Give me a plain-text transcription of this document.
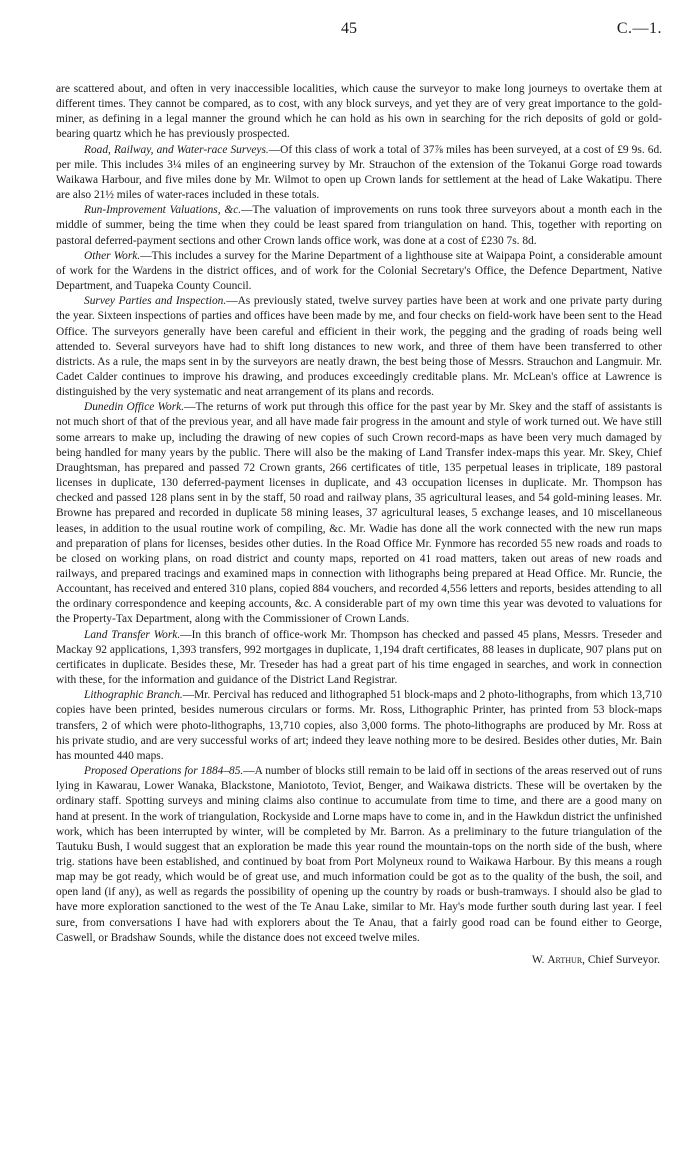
45	C.—1.

are scattered about, and often in very inaccessible localities, which cause the surveyor to make long journeys to overtake them at different times. They cannot be compared, as to cost, with any block surveys, and yet they are of very great importance to the gold-miner, as defining in a legal manner the ground which he can hold as his own in searching for the rich deposits of gold or gold-bearing quartz which he has previously prospected.

Road, Railway, and Water-race Surveys.—Of this class of work a total of 37⅞ miles has been surveyed, at a cost of £9 9s. 6d. per mile. This includes 3¼ miles of an engineering survey by Mr. Strauchon of the extension of the Tokanui Gorge road towards Waikawa Harbour, and five miles done by Mr. Wilmot to open up Crown lands for settlement at the head of Lake Wakatipu. There are also 21½ miles of water-races included in these totals.

Run-Improvement Valuations, &c.—The valuation of improvements on runs took three surveyors about a month each in the middle of summer, being the time when they could be least spared from triangulation on hand. This, together with reporting on pastoral deferred-payment sections and other Crown lands office work, was done at a cost of £230 7s. 8d.

Other Work.—This includes a survey for the Marine Department of a lighthouse site at Waipapa Point, a considerable amount of work for the Wardens in the district offices, and of work for the Colonial Secretary's Office, the Defence Department, Native Department, and Tuapeka County Council.

Survey Parties and Inspection.—As previously stated, twelve survey parties have been at work and one private party during the year. Sixteen inspections of parties and offices have been made by me, and four checks on field-work have been sent to the Head Office. The surveyors generally have been careful and efficient in their work, the pegging and the grading of roads being well attended to. Several surveyors have had to shift long distances to new work, and three of them have been transferred to other districts. As a rule, the maps sent in by the surveyors are neatly drawn, the best being those of Messrs. Strauchon and Langmuir. Mr. Cadet Calder continues to improve his drawing, and produces exceedingly creditable plans. Mr. McLean's office at Lawrence is distinguished by the very systematic and neat arrangement of its plans and records.

Dunedin Office Work.—The returns of work put through this office for the past year by Mr. Skey and the staff of assistants is not much short of that of the previous year, and all have made fair progress in the amount and style of work turned out. We have still some arrears to make up, including the drawing of new copies of such Crown record-maps as have been very much damaged by being handled for many years by the public. There will also be the making of Land Transfer index-maps this year. Mr. Skey, Chief Draughtsman, has prepared and passed 72 Crown grants, 266 certificates of title, 135 perpetual leases in triplicate, 189 pastoral licenses in duplicate, 130 deferred-payment licenses in duplicate, and 43 occupation licenses in duplicate. Mr. Thompson has checked and passed 128 plans sent in by the staff, 50 road and railway plans, 35 agricultural leases, and 54 gold-mining leases. Mr. Browne has prepared and recorded in duplicate 58 mining leases, 37 agricultural leases, 5 exchange leases, and 10 miscellaneous leases, in addition to the usual routine work of compiling, &c. Mr. Wadie has done all the work connected with the new run maps and preparation of plans for licenses, besides other duties. In the Road Office Mr. Fynmore has recorded 55 new roads and roads to be closed on working plans, on road district and county maps, reported on 41 road matters, taken out areas of new roads and railways, and prepared tracings and examined maps in connection with lithographs being prepared at Head Office. Mr. Runcie, the Accountant, has received and entered 310 plans, copied 884 vouchers, and recorded 4,556 letters and reports, besides attending to all the ordinary correspondence and keeping accounts, &c. A considerable part of my own time this year was devoted to valuations for the Property-Tax Department, along with the Commissioner of Crown Lands.

Land Transfer Work.—In this branch of office-work Mr. Thompson has checked and passed 45 plans, Messrs. Treseder and Mackay 92 applications, 1,393 transfers, 992 mortgages in duplicate, 1,194 draft certificates, 88 leases in duplicate, 907 plans put on certificates in duplicate. Besides these, Mr. Treseder has had a great part of his time engaged in searches, and work in connection with these, for the information and guidance of the District Land Registrar.

Lithographic Branch.—Mr. Percival has reduced and lithographed 51 block-maps and 2 photo-lithographs, from which 13,710 copies have been printed, besides numerous circulars or forms. Mr. Ross, Lithographic Printer, has printed from 53 block-maps transfers, 2 of which were photo-lithographs, 13,710 copies, also 3,000 forms. The photo-lithographs are produced by Mr. Ross at his private studio, and are very successful works of art; indeed they leave nothing more to be desired. Besides other duties, Mr. Bain has mounted 440 maps.

Proposed Operations for 1884–85.—A number of blocks still remain to be laid off in sections of the areas reserved out of runs lying in Kawarau, Lower Wanaka, Blackstone, Maniototo, Teviot, Benger, and Waikawa districts. These will be overtaken by the ordinary staff. Spotting surveys and mining claims also continue to accumulate from time to time, and there are a good many on hand at present. In the work of triangulation, Rockyside and Lorne maps have to come in, and in the Hawkdun district the unfinished work, which has been interrupted by winter, will be completed by Mr. Barron. As a preliminary to the future triangulation of the Tautuku Bush, I would suggest that an exploration be made this year round the mountain-tops on the north side of the bush, where trig. stations have been established, and continued by boat from Port Molyneux round to Waikawa Harbour. By this means a rough map may be got ready, which would be of great use, and much information could be got as to the quality of the bush, the soil, and open land (if any), as well as regards the possibility of opening up the country by roads or bush-tramways. I should also be glad to have more exploration sanctioned to the west of the Te Anau Lake, similar to Mr. Hay's mode further south during last year. I feel sure, from conversations I have had with explorers about the Te Anau, that a fairly good road can be found either to George, Caswell, or Bradshaw Sounds, while the distance does not exceed twelve miles.

W. Arthur, Chief Surveyor.
